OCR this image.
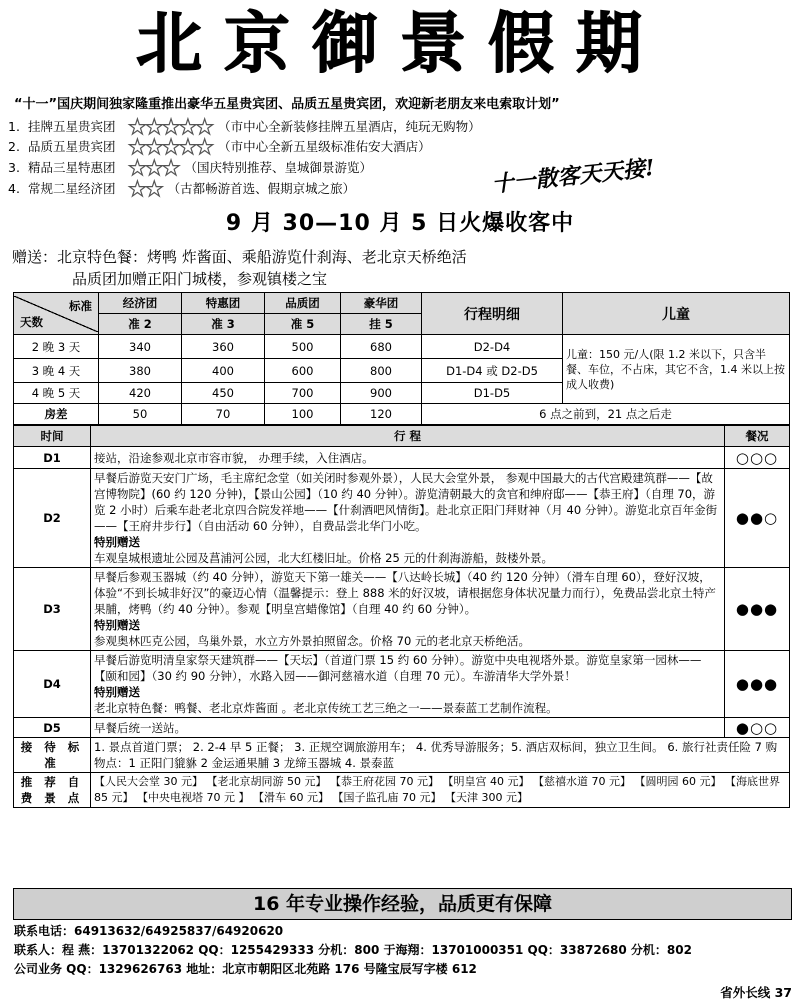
北京御景假期
“十一”国庆期间独家隆重推出豪华五星贵宾团、品质五星贵宾团，欢迎新老朋友来电索取计划”
1. 挂牌五星贵宾团 ★★★★★ （市中心全新装修挂牌五星酒店，纯玩无购物）
2. 品质五星贵宾团 ★★★★★ （市中心全新五星级标准佑安大酒店）
3. 精品三星特惠团 ★★★ （国庆特别推荐、皇城御景游览）
4. 常规二星经济团 ★★ （古都畅游首选、假期京城之旅）	十一散客天天接!
9 月 30—10 月 5 日火爆收客中
赠送：北京特色餐：烤鸭 炸酱面、乘船游览什刹海、老北京天桥绝活
品质团加赠正阳门城楼，参观镇楼之宝
标准
天数	经济团	特惠团	品质团	豪华团	行程明细	儿童
	准 2	准 3	准 5	挂 5		
2 晚 3 天	340	360	500	680	D2-D4	儿童：150 元/人(限 1.2 米以下，只含半餐、车位，不占床，其它不含，1.4 米以上按成人收费)
3 晚 4 天	380	400	600	800	D1-D4 或 D2-D5	
4 晚 5 天	420	450	700	900	D1-D5	
房差	50	70	100	120	6 点之前到，21 点之后走	
时间	行 程	餐况
D1	接站，沿途参观北京市容市貌， 办理手续，入住酒店。	○○○
D2	早餐后游览天安门广场，毛主席纪念堂（如关闭时参观外景），人民大会堂外景， 参观中国最大的古代宫殿建筑群——【故宫博物院】(60 约 120 分钟)，【景山公园】（10 约 40 分钟）。游览清朝最大的贪官和绅府邸——【恭王府】（自理 70，游览 2 小时）后乘车赴老北京四合院发祥地——【什刹酒吧风情街】。赴北京正阳门拜财神（月 40 分钟）。游览北京百年金街——【王府井步行】（自由活动 60 分钟），自费品尝北华门小吃。
特别赠送
车观皇城根遗址公园及菖浦河公园，北大红楼旧址。价格 25 元的什刹海游船，鼓楼外景。	●●○
D3	早餐后参观玉器城（约 40 分钟），游览天下第一雄关——【八达岭长城】（40 约 120 分钟）（滑车自理 60），登好汉坡，体验“不到长城非好汉”的豪迈心情（温馨提示：登上 888 米的好汉坡，请根据您身体状况量力而行），免费品尝北京土特产果脯，烤鸭（约 40 分钟）。参观【明皇宫蜡像馆】（自理 40 约 60 分钟）。
特别赠送
参观奥林匹克公园，鸟巢外景，水立方外景拍照留念。价格 70 元的老北京天桥绝活。	●●●
D4	早餐后游览明清皇家祭天建筑群——【天坛】（首道门票 15 约 60 分钟）。游览中央电视塔外景。游览皇家第一园林——【颐和园】（30 约 90 分钟），水路入园——御河慈禧水道（自理 70 元）。车游清华大学外景！
特别赠送
老北京特色餐：鸭餐、老北京炸酱面 。老北京传统工艺三绝之一——景泰蓝工艺制作流程。	●●●
D5	早餐后统一送站。	●○○
接 待 标 准	1. 景点首道门票； 2. 2-4 早 5 正餐； 3. 正规空调旅游用车； 4. 优秀导游服务；5. 酒店双标间，独立卫生间。 6. 旅行社责任险 7 购物点：1 正阳门貔貅 2 金运通果脯 3 龙缔玉器城 4. 景泰蓝	
推 荐 自 费 景 点	【人民大会堂 30 元】 【老北京胡同游 50 元】 【恭王府花园 70 元】 【明皇宫 40 元】 【慈禧水道 70 元】 【圆明园 60 元】 【海底世界 85 元】 【中央电视塔 70 元 】 【滑车 60 元】 【国子监孔庙 70 元】 【天津 300 元】	
16 年专业操作经验，品质更有保障
联系电话：64913632/64925837/64920620
联系人：程 燕：13701322062 QQ：1255429333 分机：800 于海翔：13701000351 QQ：33872680 分机：802
公司业务 QQ：1329626763 地址：北京市朝阳区北苑路 176 号隆宝辰写字楼 612
省外长线 37
